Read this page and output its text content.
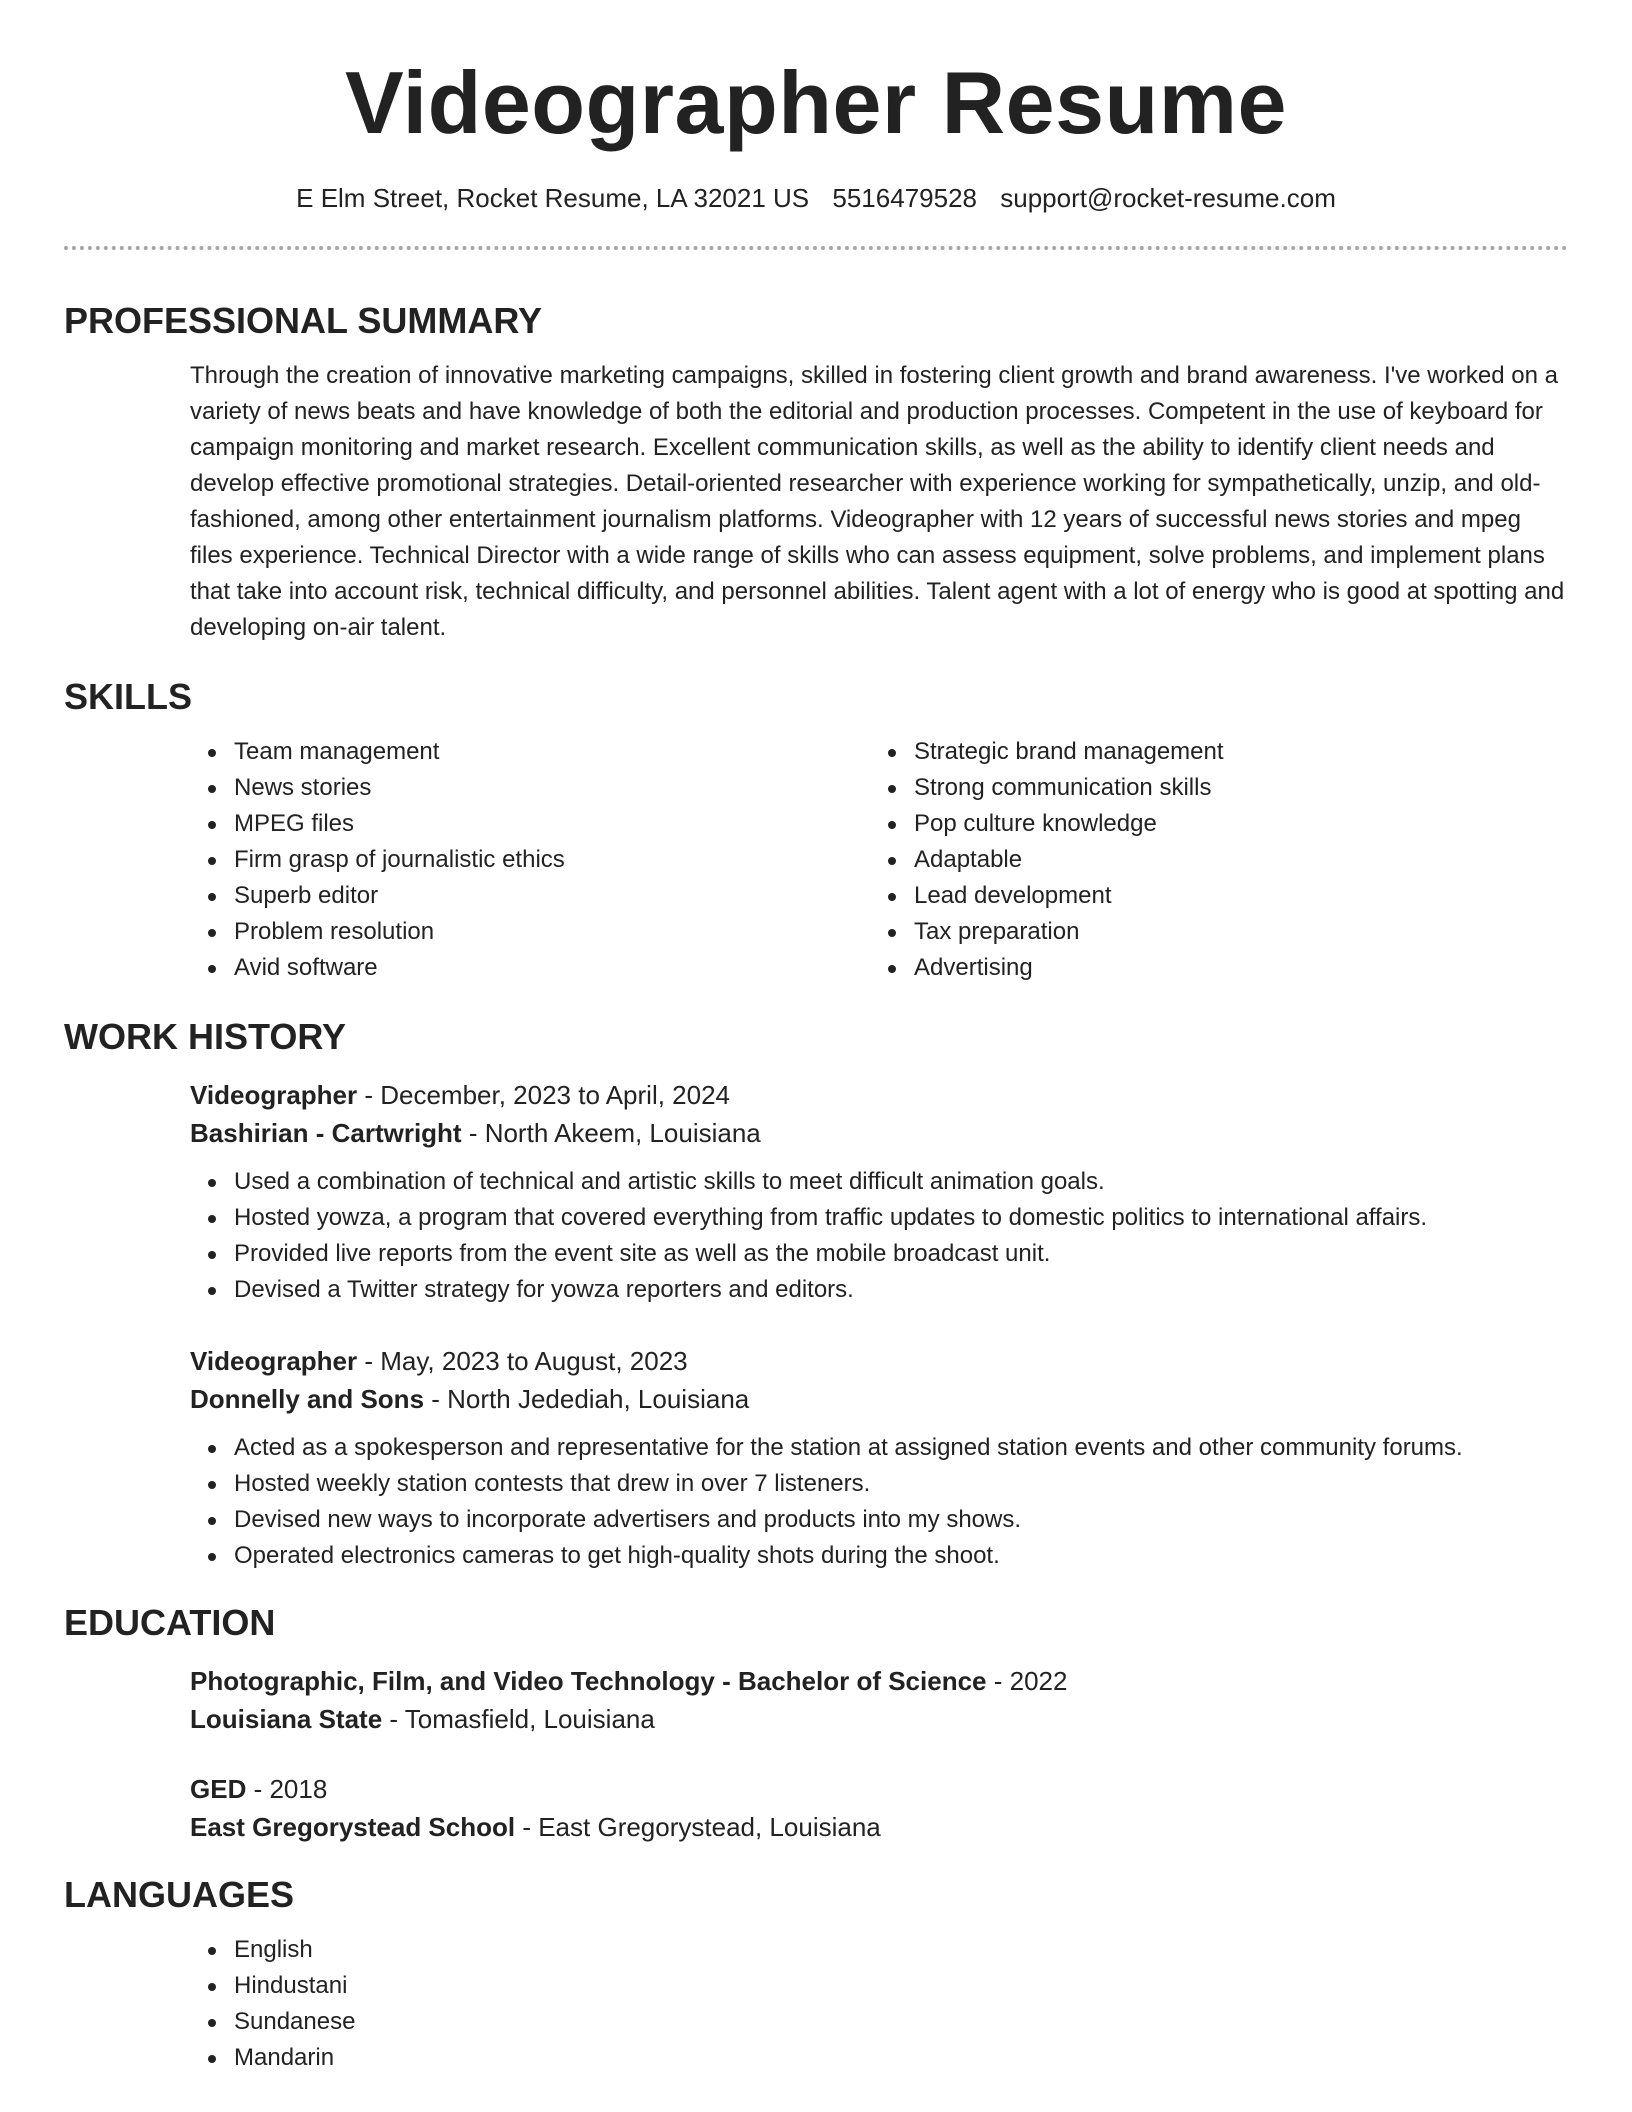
Videographer Resume
E Elm Street, Rocket Resume, LA 32021 US 5516479528 support@rocket-resume.com
PROFESSIONAL SUMMARY

Through the creation of innovative marketing campaigns, skilled in fostering client growth and brand awareness. I've worked on a variety of news beats and have knowledge of both the editorial and production processes. Competent in the use of keyboard for campaign monitoring and market research. Excellent communication skills, as well as the ability to identify client needs and develop effective promotional strategies. Detail-oriented researcher with experience working for sympathetically, unzip, and old-fashioned, among other entertainment journalism platforms. Videographer with 12 years of successful news stories and mpeg files experience. Technical Director with a wide range of skills who can assess equipment, solve problems, and implement plans that take into account risk, technical difficulty, and personnel abilities. Talent agent with a lot of energy who is good at spotting and developing on-air talent.

SKILLS
Team management
News stories
MPEG files
Firm grasp of journalistic ethics
Superb editor
Problem resolution
Avid software
Strategic brand management
Strong communication skills
Pop culture knowledge
Adaptable
Lead development
Tax preparation
Advertising
WORK HISTORY
Videographer - December, 2023 to April, 2024
Bashirian - Cartwright - North Akeem, Louisiana
Used a combination of technical and artistic skills to meet difficult animation goals.
Hosted yowza, a program that covered everything from traffic updates to domestic politics to international affairs.
Provided live reports from the event site as well as the mobile broadcast unit.
Devised a Twitter strategy for yowza reporters and editors.
Videographer - May, 2023 to August, 2023
Donnelly and Sons - North Jedediah, Louisiana
Acted as a spokesperson and representative for the station at assigned station events and other community forums.
Hosted weekly station contests that drew in over 7 listeners.
Devised new ways to incorporate advertisers and products into my shows.
Operated electronics cameras to get high-quality shots during the shoot.
EDUCATION
Photographic, Film, and Video Technology - Bachelor of Science - 2022
Louisiana State - Tomasfield, Louisiana
GED - 2018
East Gregorystead School - East Gregorystead, Louisiana
LANGUAGES
English
Hindustani
Sundanese
Mandarin
